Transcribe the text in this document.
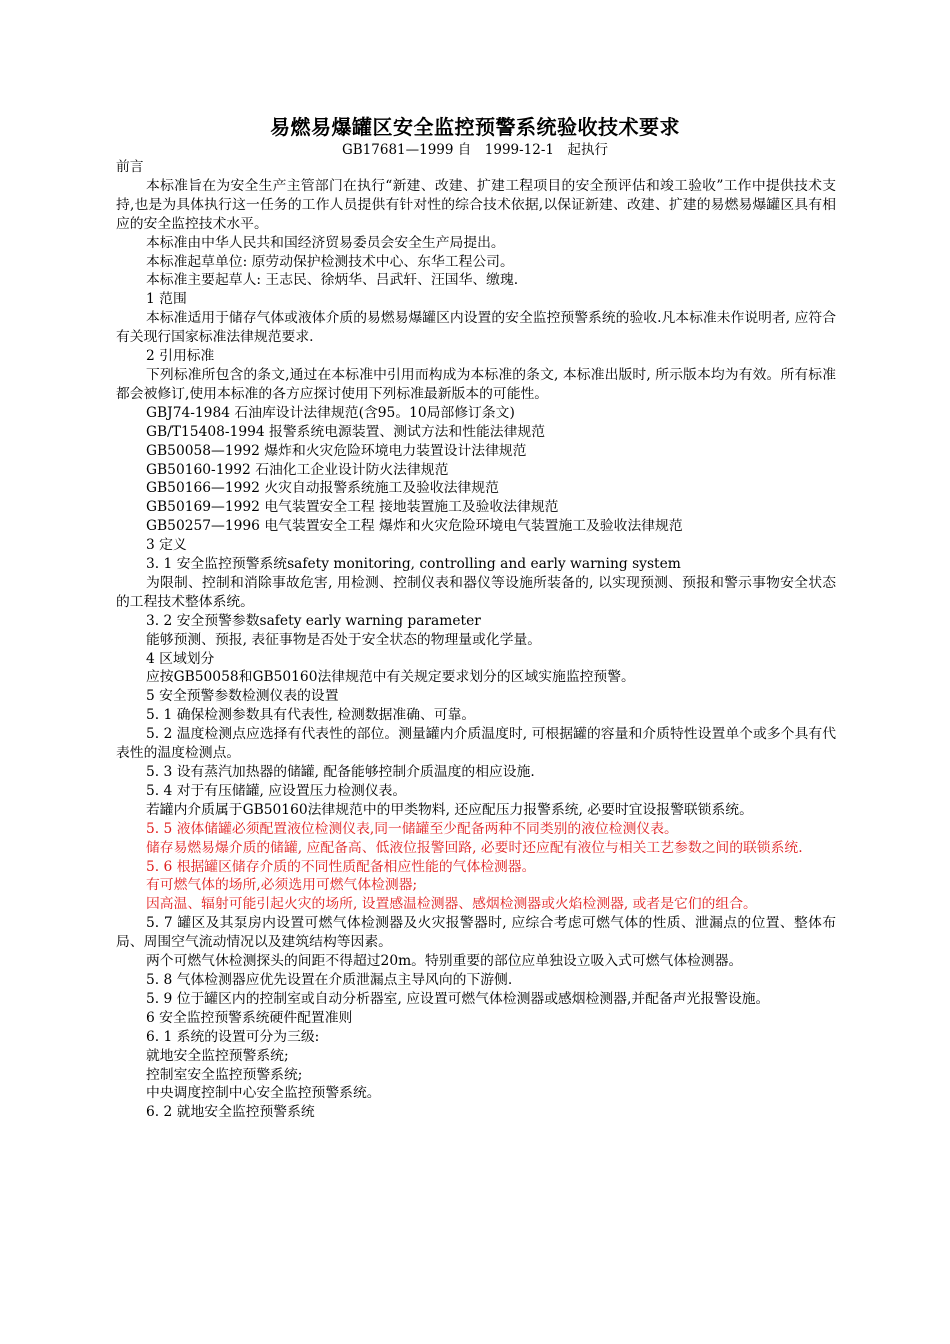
易燃易爆罐区安全监控预警系统验收技术要求
GB17681—1999 自　1999-12-1　起执行

前言

本标准旨在为安全生产主管部门在执行“新建、改建、扩建工程项目的安全预评估和竣工验收”工作中提供技术支持,也是为具体执行这一任务的工作人员提供有针对性的综合技术依据,以保证新建、改建、扩建的易燃易爆罐区具有相应的安全监控技术水平。

本标准由中华人民共和国经济贸易委员会安全生产局提出。

本标准起草单位: 原劳动保护检测技术中心、东华工程公司。

本标准主要起草人: 王志民、徐炳华、吕武轩、汪国华、缴瑰.

1 范围

本标准适用于储存气体或液体介质的易燃易爆罐区内设置的安全监控预警系统的验收.凡本标准未作说明者, 应符合有关现行国家标准法律规范要求.

2 引用标准

下列标准所包含的条文,通过在本标准中引用而构成为本标准的条文, 本标准出版时, 所示版本均为有效。所有标准都会被修订,使用本标准的各方应探讨使用下列标准最新版本的可能性。

GBJ74-1984 石油库设计法律规范(含95。10局部修订条文)

GB/T15408-1994 报警系统电源装置、测试方法和性能法律规范

GB50058—1992 爆炸和火灾危险环境电力装置设计法律规范

GB50160-1992 石油化工企业设计防火法律规范

GB50166—1992 火灾自动报警系统施工及验收法律规范

GB50169—1992 电气装置安全工程 接地装置施工及验收法律规范

GB50257—1996 电气装置安全工程 爆炸和火灾危险环境电气装置施工及验收法律规范

3 定义

3. 1 安全监控预警系统safety monitoring, controlling and early warning system

为限制、控制和消除事故危害, 用检测、控制仪表和器仪等设施所装备的, 以实现预测、预报和警示事物安全状态的工程技术整体系统。

3. 2 安全预警参数safety early warning parameter

能够预测、预报, 表征事物是否处于安全状态的物理量或化学量。

4 区域划分

应按GB50058和GB50160法律规范中有关规定要求划分的区域实施监控预警。

5 安全预警参数检测仪表的设置

5. 1 确保检测参数具有代表性, 检测数据准确、可靠。

5. 2 温度检测点应选择有代表性的部位。测量罐内介质温度时, 可根据罐的容量和介质特性设置单个或多个具有代表性的温度检测点。

5. 3 设有蒸汽加热器的储罐, 配备能够控制介质温度的相应设施.

5. 4 对于有压储罐, 应设置压力检测仪表。

若罐内介质属于GB50160法律规范中的甲类物料, 还应配压力报警系统, 必要时宜设报警联锁系统。

5. 5 液体储罐必须配置液位检测仪表,同一储罐至少配备两种不同类别的液位检测仪表。

储存易燃易爆介质的储罐, 应配备高、低液位报警回路, 必要时还应配有液位与相关工艺参数之间的联锁系统.

5. 6 根据罐区储存介质的不同性质配备相应性能的气体检测器。

有可燃气体的场所,必须选用可燃气体检测器;

因高温、辐射可能引起火灾的场所, 设置感温检测器、感烟检测器或火焰检测器, 或者是它们的组合。

5. 7 罐区及其泵房内设置可燃气体检测器及火灾报警器时, 应综合考虑可燃气体的性质、泄漏点的位置、整体布局、周围空气流动情况以及建筑结构等因素。

两个可燃气休检测探头的间距不得超过20m。特别重要的部位应单独设立吸入式可燃气体检测器。

5. 8 气体检测器应优先设置在介质泄漏点主导风向的下游侧.

5. 9 位于罐区内的控制室或自动分析器室, 应设置可燃气体检测器或感烟检测器,并配备声光报警设施。

6 安全监控预警系统硬件配置准则

6. 1 系统的设置可分为三级:

就地安全监控预警系统;

控制室安全监控预警系统;

中央调度控制中心安全监控预警系统。

6. 2 就地安全监控预警系统
